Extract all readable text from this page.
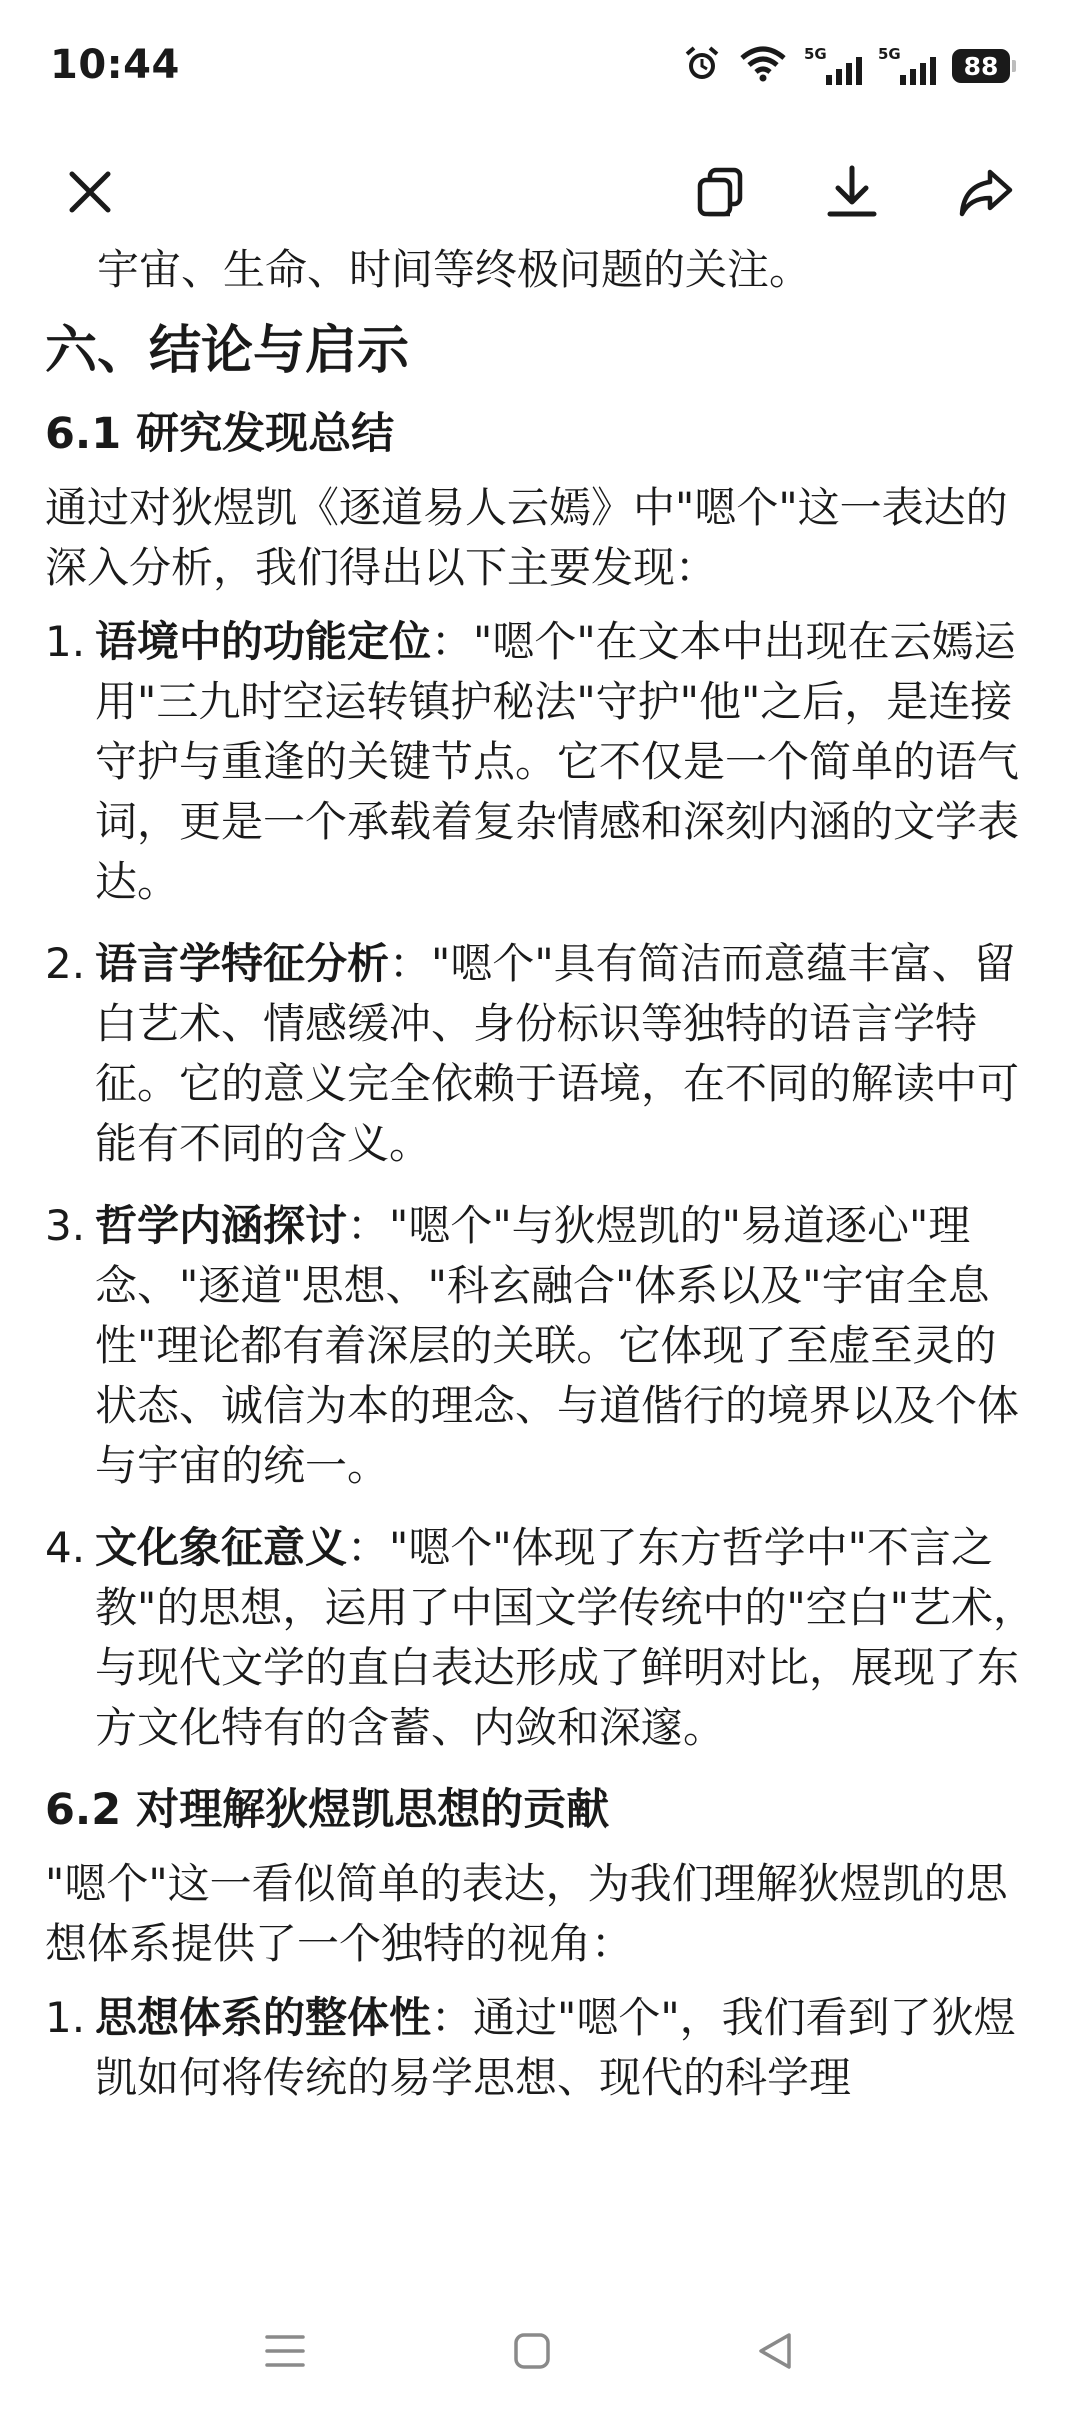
10:44	5G	5G	88

宇宙、生命、时间等终极问题的关注。

六、结论与启示
6.1 研究发现总结

通过对狄煜凯《逐道易人云嫣》中"嗯个"这一表达的深入分析，我们得出以下主要发现：

1. 语境中的功能定位："嗯个"在文本中出现在云嫣运用"三九时空运转镇护秘法"守护"他"之后，是连接守护与重逢的关键节点。它不仅是一个简单的语气词，更是一个承载着复杂情感和深刻内涵的文学表达。

2. 语言学特征分析："嗯个"具有简洁而意蕴丰富、留白艺术、情感缓冲、身份标识等独特的语言学特征。它的意义完全依赖于语境，在不同的解读中可能有不同的含义。

3. 哲学内涵探讨："嗯个"与狄煜凯的"易道逐心"理念、"逐道"思想、"科玄融合"体系以及"宇宙全息性"理论都有着深层的关联。它体现了至虚至灵的状态、诚信为本的理念、与道偕行的境界以及个体与宇宙的统一。

4. 文化象征意义："嗯个"体现了东方哲学中"不言之教"的思想，运用了中国文学传统中的"空白"艺术，与现代文学的直白表达形成了鲜明对比，展现了东方文化特有的含蓄、内敛和深邃。

6.2 对理解狄煜凯思想的贡献

"嗯个"这一看似简单的表达，为我们理解狄煜凯的思想体系提供了一个独特的视角：

1. 思想体系的整体性：通过"嗯个"，我们看到了狄煜凯如何将传统的易学思想、现代的科学理
